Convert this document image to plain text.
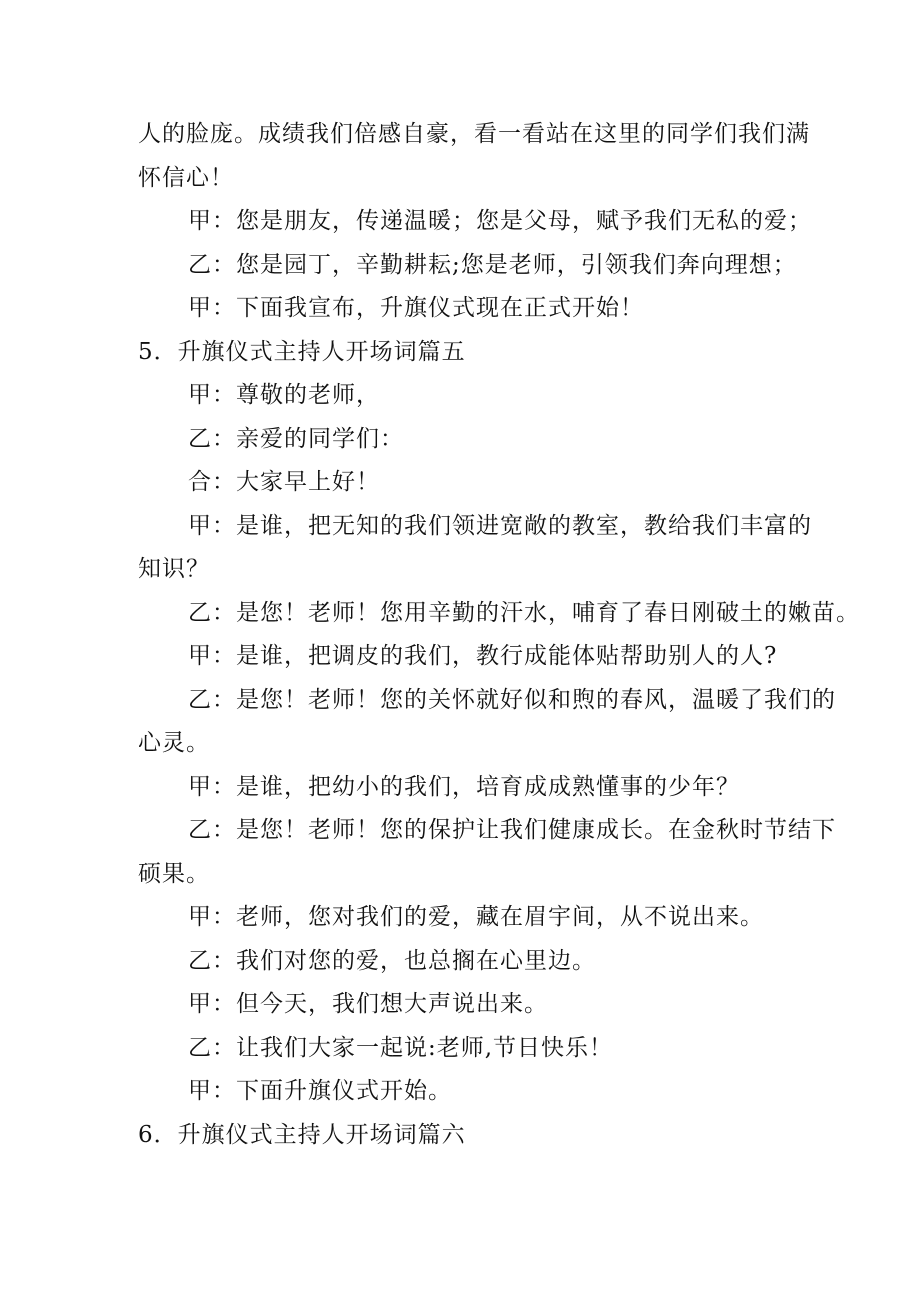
人的脸庞。成绩我们倍感自豪，看一看站在这里的同学们我们满
怀信心！
甲：您是朋友，传递温暖；您是父母，赋予我们无私的爱；
乙：您是园丁，辛勤耕耘;您是老师，引领我们奔向理想；
甲：下面我宣布，升旗仪式现在正式开始！
5．升旗仪式主持人开场词篇五
甲：尊敬的老师，
乙：亲爱的同学们：
合：大家早上好！
甲：是谁，把无知的我们领进宽敞的教室，教给我们丰富的
知识？
乙：是您！老师！您用辛勤的汗水，哺育了春日刚破土的嫩苗。
甲：是谁，把调皮的我们，教行成能体贴帮助别人的人?
乙：是您！老师！您的关怀就好似和煦的春风，温暖了我们的
心灵。
甲：是谁，把幼小的我们，培育成成熟懂事的少年？
乙：是您！老师！您的保护让我们健康成长。在金秋时节结下
硕果。
甲：老师，您对我们的爱，藏在眉宇间，从不说出来。
乙：我们对您的爱，也总搁在心里边。
甲：但今天，我们想大声说出来。
乙：让我们大家一起说:老师,节日快乐！
甲：下面升旗仪式开始。
6．升旗仪式主持人开场词篇六
